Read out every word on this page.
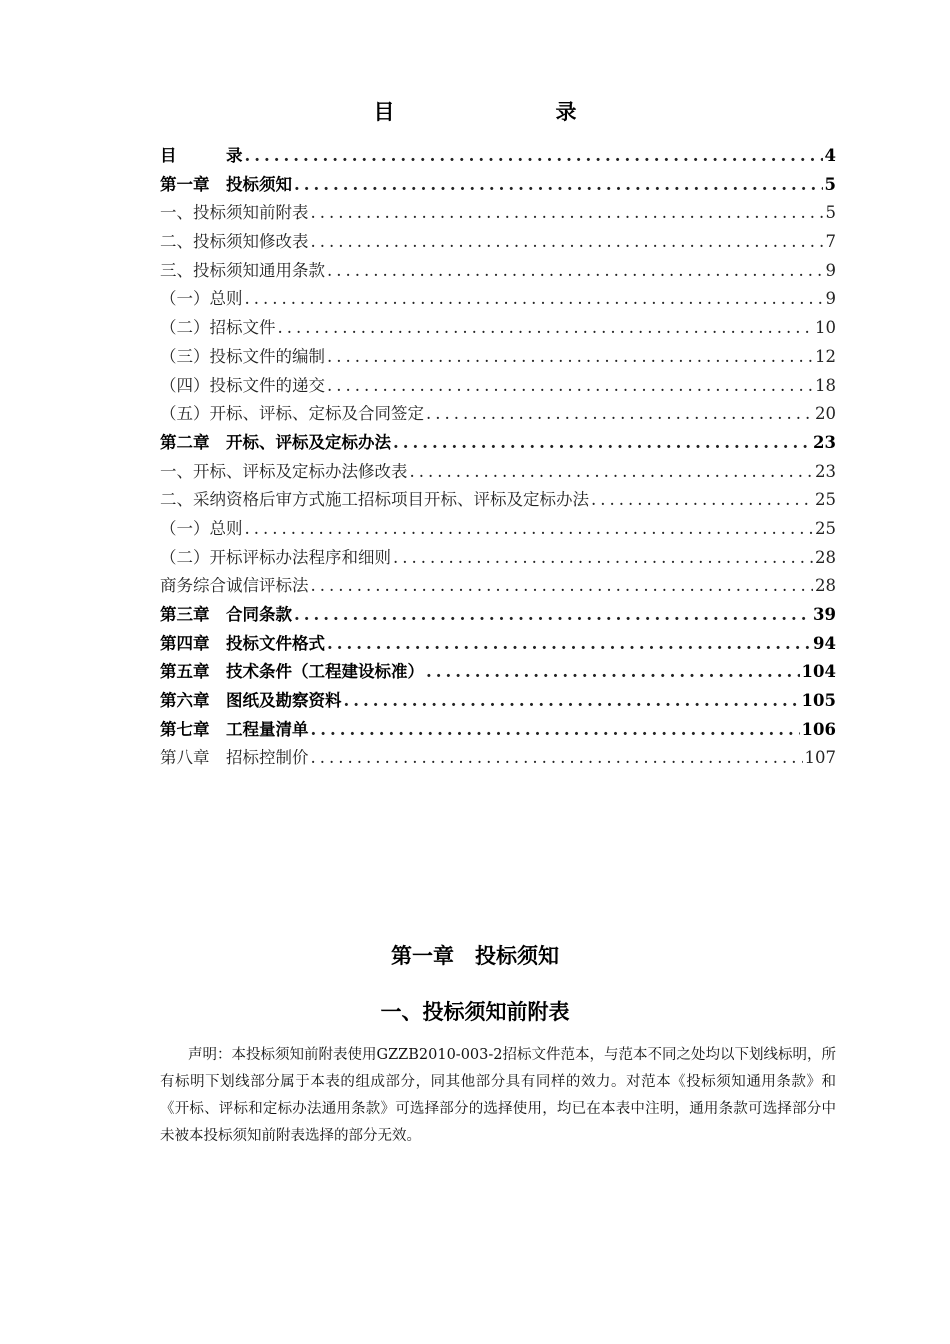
目　录
目　　　录 .....	4
第一章　投标须知 .....	5
一、投标须知前附表 .....	5
二、投标须知修改表 .....	7
三、投标须知通用条款 .....	9
（一）总则 .....	9
（二）招标文件 .....	10
（三）投标文件的编制 .....	12
（四）投标文件的递交 .....	18
（五）开标、评标、定标及合同签定 .....	20
第二章　开标、评标及定标办法 .....	23
一、开标、评标及定标办法修改表 .....	23
二、采纳资格后审方式施工招标项目开标、评标及定标办法 .....	25
（一）总则 .....	25
（二）开标评标办法程序和细则 .....	28
商务综合诚信评标法 .....	28
第三章　合同条款 .....	39
第四章　投标文件格式 .....	94
第五章　技术条件（工程建设标准） .....	104
第六章　图纸及勘察资料 .....	105
第七章　工程量清单 .....	106
第八章　招标控制价 .....	107
第一章　投标须知
一、投标须知前附表
声明：本投标须知前附表使用GZZB2010-003-2招标文件范本，与范本不同之处均以下划线标明，所有标明下划线部分属于本表的组成部分，同其他部分具有同样的效力。对范本《投标须知通用条款》和《开标、评标和定标办法通用条款》可选择部分的选择使用，均已在本表中注明，通用条款可选择部分中未被本投标须知前附表选择的部分无效。
